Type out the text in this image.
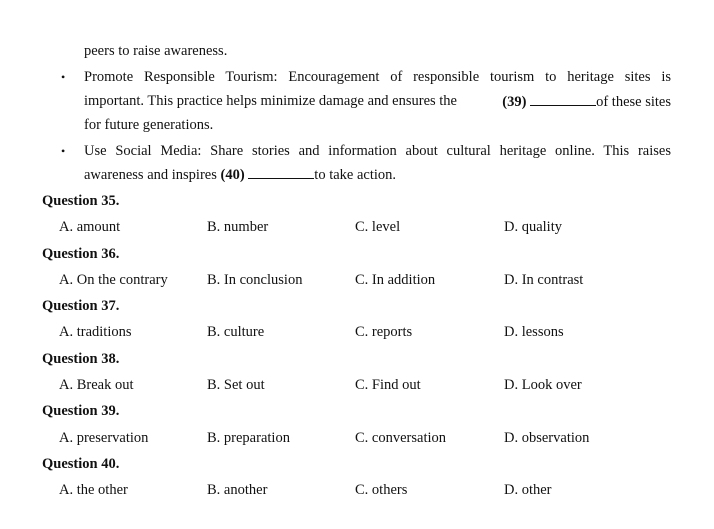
peers to raise awareness.
• Promote Responsible Tourism: Encouragement of responsible tourism to heritage sites is
important. This practice helps minimize damage and ensures the	(39)	of these sites
for future generations.
• Use Social Media: Share stories and information about cultural heritage online. This raises
awareness and inspires (40)	to take action.
Question 35.
A. amount	B. number	C. level	D. quality
Question 36.
A. On the contrary	B. In conclusion	C. In addition	D. In contrast
Question 37.
A. traditions	B. culture	C. reports	D. lessons
Question 38.
A. Break out	B. Set out	C. Find out	D. Look over
Question 39.
A. preservation	B. preparation	C. conversation	D. observation
Question 40.
A. the other	B. another	C. others	D. other
